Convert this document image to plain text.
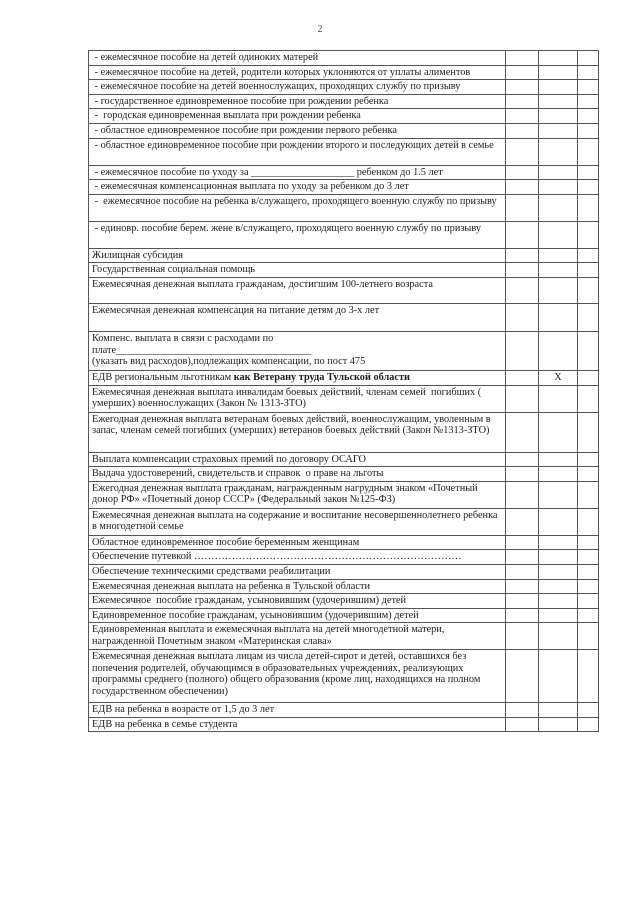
2
- ежемесячное пособие на детей одиноких матерей			
- ежемесячное пособие на детей, родители которых уклоняются от уплаты алиментов			
- ежемесячное пособие на детей военнослужащих, проходящих службу по призыву			
- государственное единовременное пособие при рождении ребенка			
-  городская единовременная выплата при рождении ребенка			
- областное единовременное пособие при рождении первого ребенка			
- областное единовременное пособие при рождении второго и последующих детей в семье			
- ежемесячное пособие по уходу за ____________________ ребенком до 1.5 лет			
- ежемесячная компенсационная выплата по уходу за ребенком до 3 лет			
-  ежемесячное пособие на ребенка в/служащего, проходящего военную службу по призыву			
- единовр. пособие берем. жене в/служащего, проходящего военную службу по призыву			
Жилищная субсидия			
Государственная социальная помощь			
Ежемесячная денежная выплата гражданам, достигшим 100-летнего возраста			
Ежемесячная денежная компенсация на питание детям до 3-х лет			
Компенс. выплата в связи с расходами по
плате______________________________________
(указать вид расходов),подлежащих компенсации, по пост 475			
ЕДВ региональным льготникам как Ветерану труда Тульской области		X	
Ежемесячная денежная выплата инвалидам боевых действий, членам семей  погибших ( умерших) военнослужащих (Закон № 1313-ЗТО)			
Ежегодная денежная выплата ветеранам боевых действий, военнослужащим, уволенным в запас, членам семей погибших (умерших) ветеранов боевых действий (Закон №1313-ЗТО)			
Выплата компенсации страховых премий по договору ОСАГО			
Выдача удостоверений, свидетельств и справок  о праве на льготы			
Ежегодная денежная выплата гражданам, награжденным нагрудным знаком «Почетный донор РФ» «Почетный донор СССР» (Федеральный закон №125-ФЗ)			
Ежемесячная денежная выплата на содержание и воспитание несовершеннолетнего ребенка в многодетной семье			
Областное единовременное пособие беременным женщинам			
Обеспечение путевкой ……………………………………………………………………			
Обеспечение техническими средствами реабилитации			
Ежемесячная денежная выплата на ребенка в Тульской области			
Ежемесячное  пособие гражданам, усыновившим (удочерившим) детей			
Единовременное пособие гражданам, усыновившим (удочерившим) детей			
Единовременная выплата и ежемесячная выплата на детей многодетной матери, награжденной Почетным знаком «Материнская слава»			
Ежемесячная денежная выплата лицам из числа детей-сирот и детей, оставшихся без попечения родителей, обучающимся в образовательных учреждениях, реализующих программы среднего (полного) общего образования (кроме лиц, находящихся на полном государственном обеспечении)			
ЕДВ на ребенка в возрасте от 1,5 до 3 лет			
ЕДВ на ребенка в семье студента			
